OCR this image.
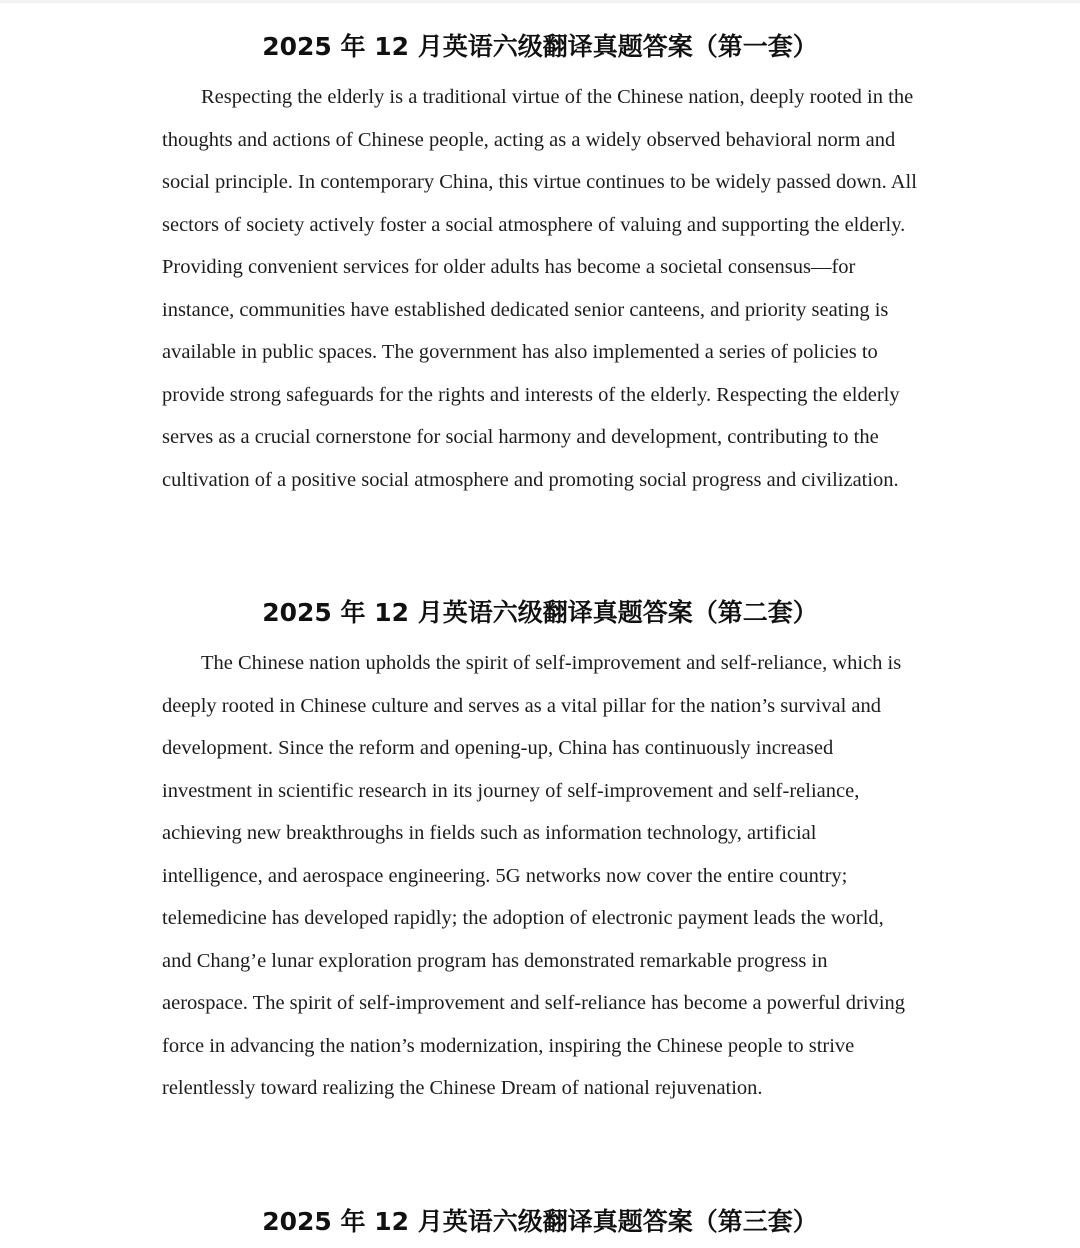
2025 年 12 月英语六级翻译真题答案（第一套）

Respecting the elderly is a traditional virtue of the Chinese nation, deeply rooted in the thoughts and actions of Chinese people, acting as a widely observed behavioral norm and social principle. In contemporary China, this virtue continues to be widely passed down. All sectors of society actively foster a social atmosphere of valuing and supporting the elderly. Providing convenient services for older adults has become a societal consensus—for instance, communities have established dedicated senior canteens, and priority seating is available in public spaces. The government has also implemented a series of policies to provide strong safeguards for the rights and interests of the elderly. Respecting the elderly serves as a crucial cornerstone for social harmony and development, contributing to the cultivation of a positive social atmosphere and promoting social progress and civilization.

2025 年 12 月英语六级翻译真题答案（第二套）

The Chinese nation upholds the spirit of self-improvement and self-reliance, which is deeply rooted in Chinese culture and serves as a vital pillar for the nation’s survival and development. Since the reform and opening-up, China has continuously increased investment in scientific research in its journey of self-improvement and self-reliance, achieving new breakthroughs in fields such as information technology, artificial intelligence, and aerospace engineering. 5G networks now cover the entire country; telemedicine has developed rapidly; the adoption of electronic payment leads the world, and Chang’e lunar exploration program has demonstrated remarkable progress in aerospace. The spirit of self-improvement and self-reliance has become a powerful driving force in advancing the nation’s modernization, inspiring the Chinese people to strive relentlessly toward realizing the Chinese Dream of national rejuvenation.

2025 年 12 月英语六级翻译真题答案（第三套）
